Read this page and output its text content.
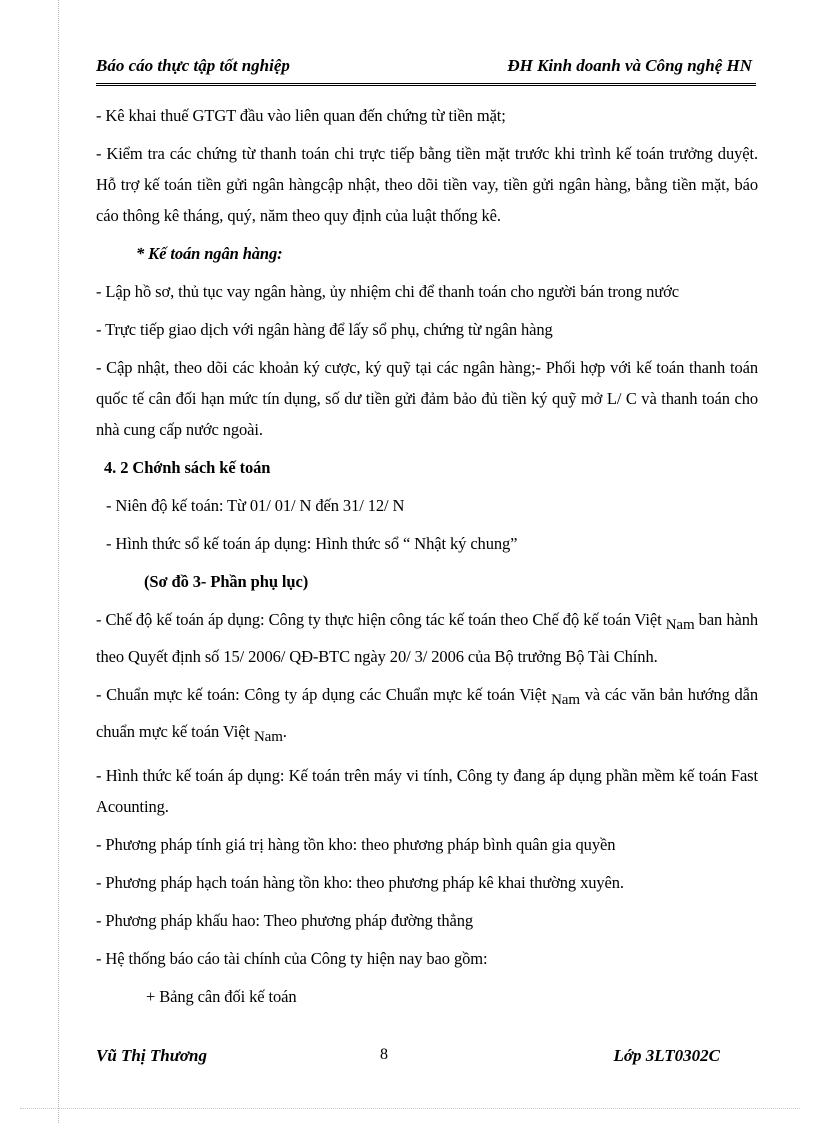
Báo cáo thực tập tốt nghiệp	ĐH Kinh doanh và Công nghệ HN

- Kê khai thuế GTGT đầu vào liên quan đến chứng từ tiền mặt;

- Kiểm tra các chứng từ thanh toán chi trực tiếp bằng tiền mặt trước khi trình kế toán trưởng duyệt. Hỗ trợ kế toán tiền gửi ngân hàngcập nhật, theo dõi tiền vay, tiền gửi ngân hàng, bằng tiền mặt, báo cáo thông kê tháng, quý, năm theo quy định của luật thống kê.

* Kế toán ngân hàng:

- Lập hồ sơ, thủ tục vay ngân hàng, ủy nhiệm chi để thanh toán cho người bán trong nước

- Trực tiếp giao dịch với ngân hàng để lấy sổ phụ, chứng từ ngân hàng

- Cập nhật, theo dõi các khoản ký cược, ký quỹ tại các ngân hàng;- Phối hợp với kế toán thanh toán quốc tế cân đối hạn mức tín dụng, số dư tiền gửi đảm bảo đủ tiền ký quỹ mở L/ C và thanh toán cho nhà cung cấp nước ngoài.

4. 2 Chớnh sách kế toán

- Niên độ kế toán: Từ 01/ 01/ N đến 31/ 12/ N

- Hình thức sổ kế toán áp dụng: Hình thức sổ “ Nhật ký chung”

(Sơ đồ 3- Phần phụ lục)

- Chế độ kế toán áp dụng: Công ty thực hiện công tác kế toán theo Chế độ kế toán Việt Nam ban hành theo Quyết định số 15/ 2006/ QĐ-BTC ngày 20/ 3/ 2006 của Bộ trưởng Bộ Tài Chính.

- Chuẩn mực kế toán: Công ty áp dụng các Chuẩn mực kế toán Việt Nam và các văn bản hướng dẫn chuẩn mực kế toán Việt Nam.

- Hình thức kế toán áp dụng: Kế toán trên máy vi tính, Công ty đang áp dụng phần mềm kế toán Fast Acounting.

- Phương pháp tính giá trị hàng tồn kho: theo phương pháp bình quân gia quyền

- Phương pháp hạch toán hàng tồn kho: theo phương pháp kê khai thường xuyên.

- Phương pháp khấu hao: Theo phương pháp đường thẳng

- Hệ thống báo cáo tài chính của Công ty hiện nay bao gồm:

+ Bảng cân đối kế toán

Vũ Thị Thương	8	Lớp 3LT0302C
